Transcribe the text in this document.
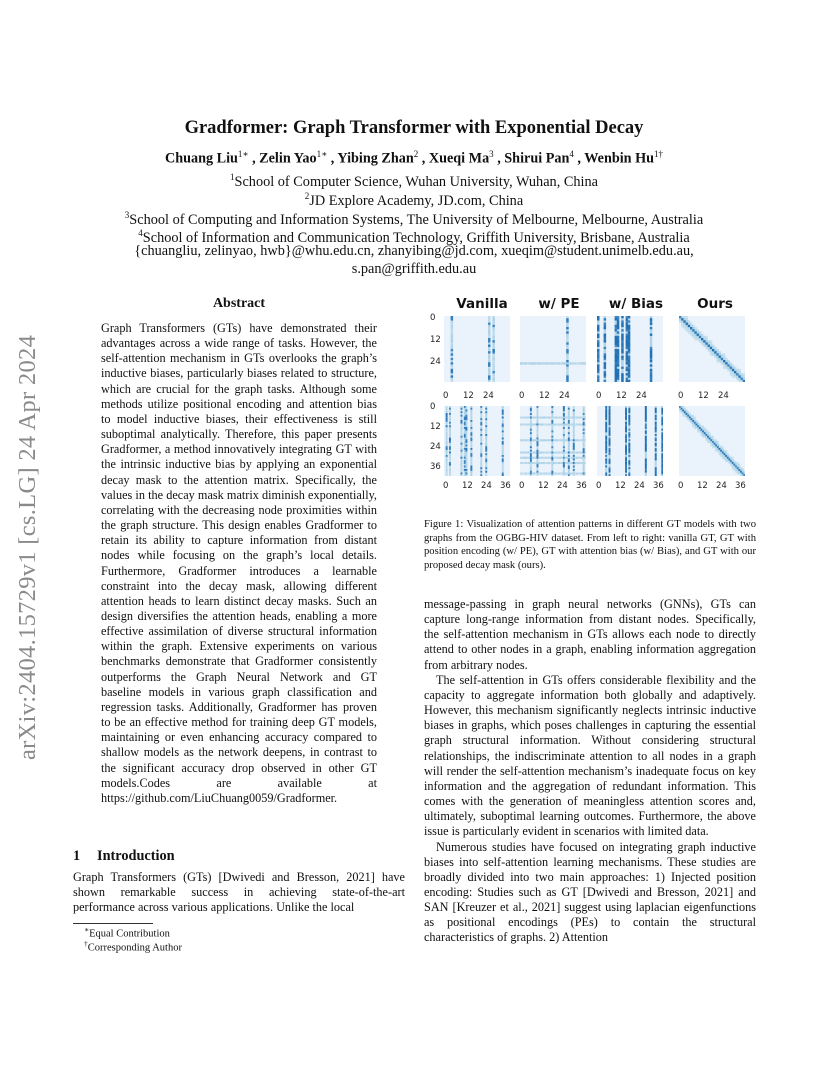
arXiv:2404.15729v1 [cs.LG] 24 Apr 2024
Gradformer: Graph Transformer with Exponential Decay
Chuang Liu$^{1∗}$ , Zelin Yao$^{1∗}$ , Yibing Zhan$^2$ , Xueqi Ma$^3$ , Shirui Pan$^4$ , Wenbin $Hu^{1\dagger}$
$^1$School of Computer Science, Wuhan University, Wuhan, China
$^2$JD Explore Academy, JD.com, China
$^3$School of Computing and Information Systems, The University of Melbourne, Melbourne, Australia
$^4$School of Information and Communication Technology, Griffith University, Brisbane, Australia
{chuangliu, zelinyao, hwb}@whu.edu.cn, zhanyibing@jd.com, xueqim@student.unimelb.edu.au,
s.pan@griffith.edu.au
Abstract
Graph Transformers (GTs) have demonstrated their advantages across a wide range of tasks. However, the self-attention mechanism in GTs overlooks the graph’s inductive biases, particularly biases related to structure, which are crucial for the graph tasks. Although some methods utilize positional encoding and attention bias to model inductive biases, their effectiveness is still suboptimal analytically. Therefore, this paper presents Gradformer, a method innovatively integrating GT with the intrinsic inductive bias by applying an exponential decay mask to the attention matrix. Specifically, the values in the decay mask matrix diminish exponentially, correlating with the decreasing node proximities within the graph structure. This design enables Gradformer to retain its ability to capture information from distant nodes while focusing on the graph’s local details. Furthermore, Gradformer introduces a learnable constraint into the decay mask, allowing different attention heads to learn distinct decay masks. Such an design diversifies the attention heads, enabling a more effective assimilation of diverse structural information within the graph. Extensive experiments on various benchmarks demonstrate that Gradformer consistently outperforms the Graph Neural Network and GT baseline models in various graph classification and regression tasks. Additionally, Gradformer has proven to be an effective method for training deep GT models, maintaining or even enhancing accuracy compared to shallow models as the network deepens, in contrast to the significant accuracy drop observed in other GT models.Codes are available at https://github.com/LiuChuang0059/Gradformer.
1 Introduction
Graph Transformers (GTs) [Dwivedi and Bresson, 2021] have shown remarkable success in achieving state-of-the-art performance across various applications. Unlike the local
∗Equal Contribution
†Corresponding Author
Vanilla	w/ PE	w/ Bias	Ours
0
12
24
0
12
24
36
0 12 24
0 12 24 36
0 12 24
0 12 24 36
0 12 24
0 12 24 36
0 12 24
0 12 24 36
Figure 1: Visualization of attention patterns in different GT models with two graphs from the OGBG-HIV dataset. From left to right: vanilla GT, GT with position encoding (w/ PE), GT with attention bias (w/ Bias), and GT with our proposed decay mask (ours).

message-passing in graph neural networks (GNNs), GTs can capture long-range information from distant nodes. Specifically, the self-attention mechanism in GTs allows each node to directly attend to other nodes in a graph, enabling information aggregation from arbitrary nodes.

The self-attention in GTs offers considerable flexibility and the capacity to aggregate information both globally and adaptively. However, this mechanism significantly neglects intrinsic inductive biases in graphs, which poses challenges in capturing the essential graph structural information. Without considering structural relationships, the indiscriminate attention to all nodes in a graph will render the self-attention mechanism’s inadequate focus on key information and the aggregation of redundant information. This comes with the generation of meaningless attention scores and, ultimately, suboptimal learning outcomes. Furthermore, the above issue is particularly evident in scenarios with limited data.

Numerous studies have focused on integrating graph inductive biases into self-attention learning mechanisms. These studies are broadly divided into two main approaches: 1) Injected position encoding: Studies such as GT [Dwivedi and Bresson, 2021] and SAN [Kreuzer et al., 2021] suggest using laplacian eigenfunctions as positional encodings (PEs) to contain the structural characteristics of graphs. 2) Attention
